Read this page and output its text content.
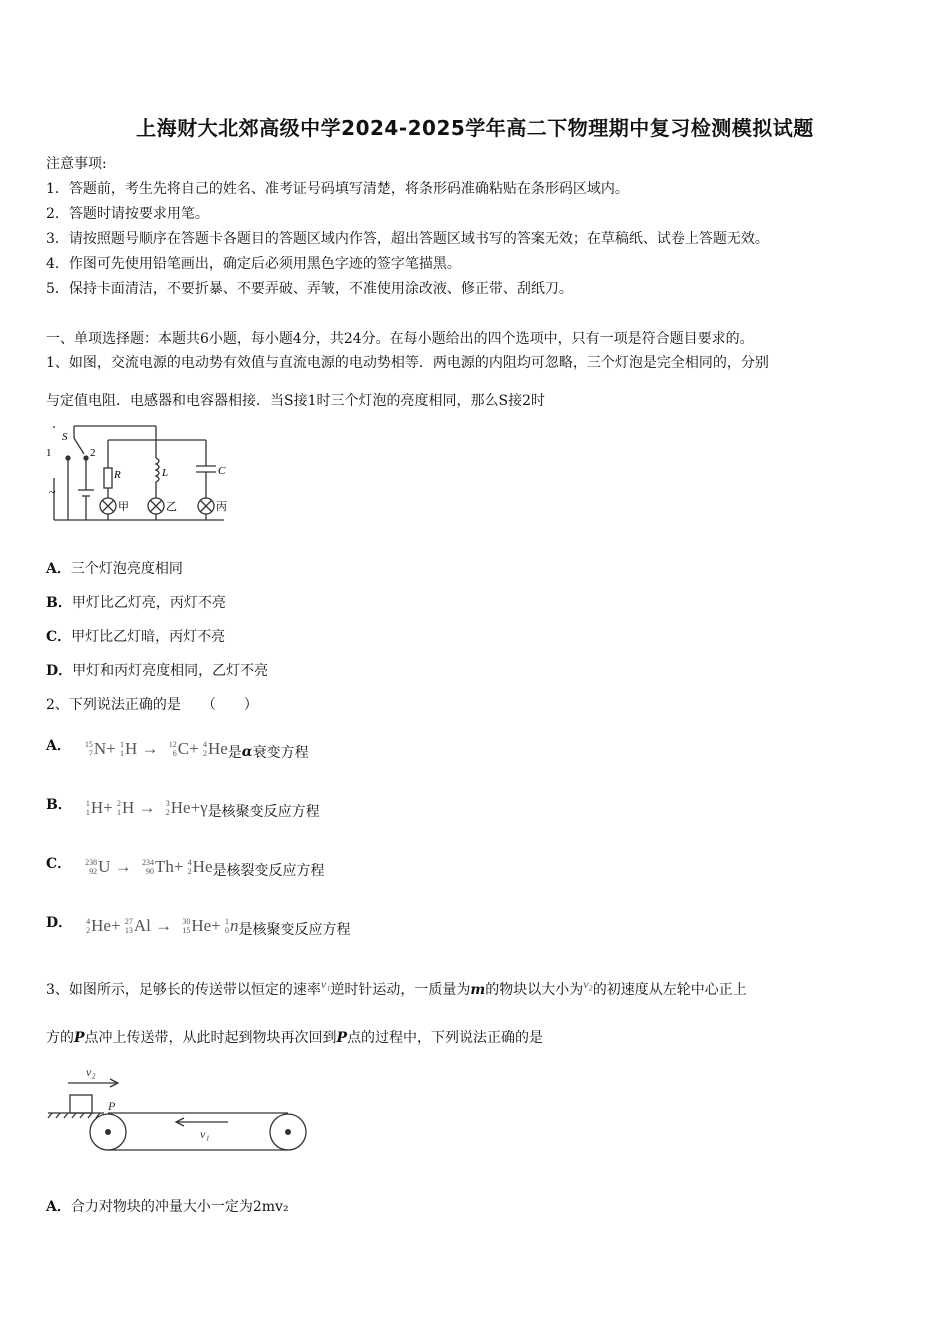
上海财大北郊高级中学2024-2025学年高二下物理期中复习检测模拟试题
注意事项:
1．答题前，考生先将自己的姓名、准考证号码填写清楚，将条形码准确粘贴在条形码区域内。
2．答题时请按要求用笔。
3．请按照题号顺序在答题卡各题目的答题区域内作答，超出答题区域书写的答案无效；在草稿纸、试卷上答题无效。
4．作图可先使用铅笔画出，确定后必须用黑色字迹的签字笔描黑。
5．保持卡面清洁，不要折暴、不要弄破、弄皱，不准使用涂改液、修正带、刮纸刀。
一、单项选择题：本题共6小题，每小题4分，共24分。在每小题给出的四个选项中，只有一项是符合题目要求的。
1、如图，交流电源的电动势有效值与直流电源的电动势相等．两电源的内阻均可忽略，三个灯泡是完全相同的，分别
与定值电阻．电感器和电容器相接．当S接1时三个灯泡的亮度相同，那么S接2时
S
1	2
~
R	L	C
甲	乙	丙
A．三个灯泡亮度相同
B．甲灯比乙灯亮，丙灯不亮
C．甲灯比乙灯暗，丙灯不亮
D．甲灯和丙灯亮度相同，乙灯不亮
2、下列说法正确的是　　（　　）
A． 15
7 N+
1
1 H →
12
6 C+
4
2 He 是 α 衰变方程
B． 1
1 H+
2
1 H →
3
2 He+γ 是核聚变反应方程
C． 238
92 U →
234
90 Th+
4
2 He 是核裂变反应方程
D． 4
2 He+
27
13 Al →
30
15 He+
1
0 n 是核聚变反应方程
3、如图所示，足够长的传送带以恒定的速率v₁逆时针运动，一质量为m的物块以大小为v₂的初速度从左轮中心正上
方的P点冲上传送带，从此时起到物块再次回到P点的过程中，下列说法正确的是
v₂
P
v₁
A．合力对物块的冲量大小一定为2mv₂
